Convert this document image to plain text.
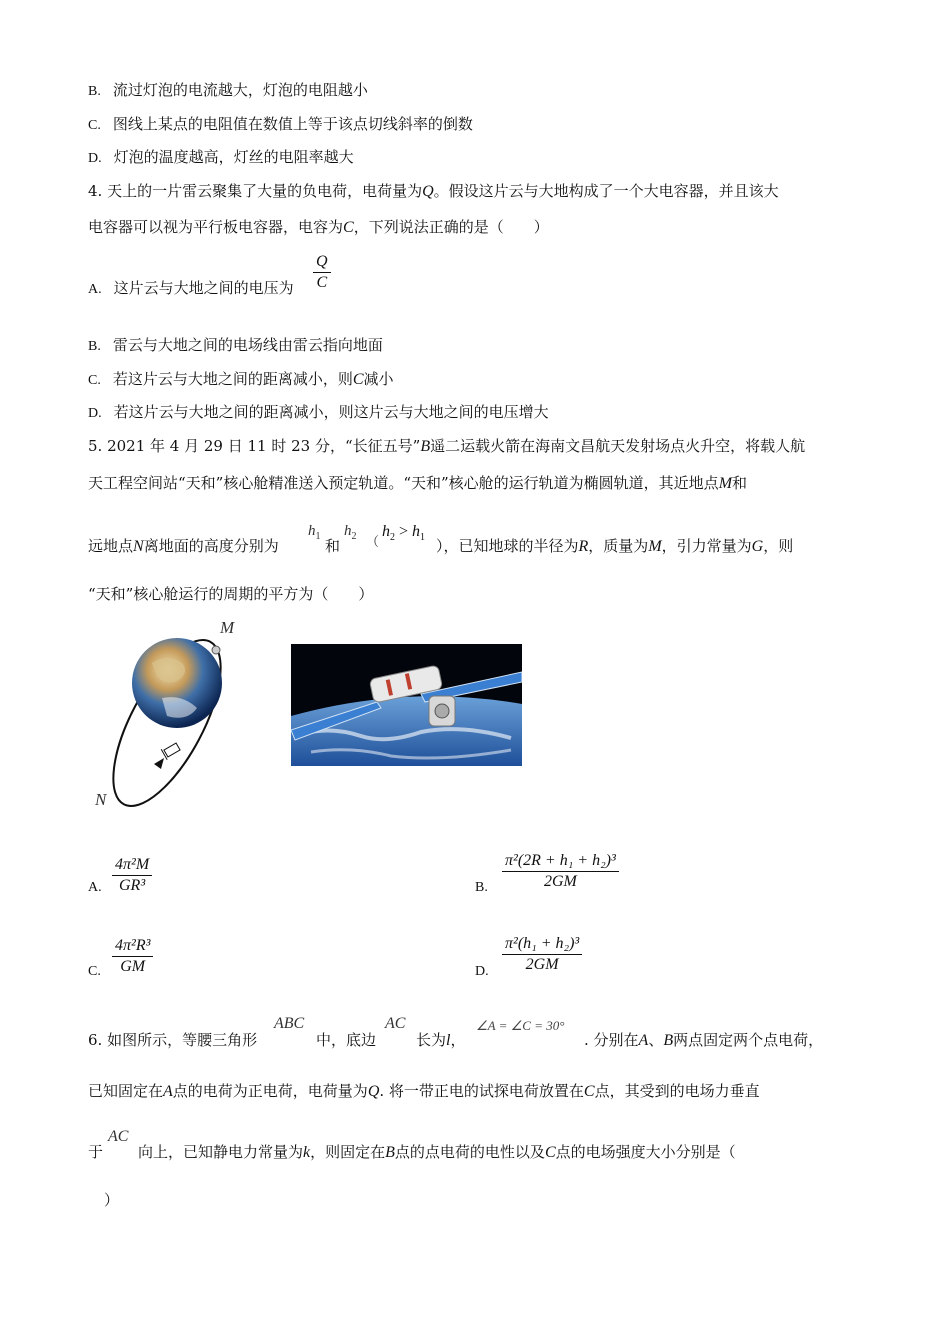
B. 流过灯泡的电流越大，灯泡的电阻越小
C. 图线上某点的电阻值在数值上等于该点切线斜率的倒数
D. 灯泡的温度越高，灯丝的电阻率越大
4. 天上的一片雷云聚集了大量的负电荷，电荷量为Q。假设这片云与大地构成了一个大电容器，并且该大
电容器可以视为平行板电容器，电容为C，下列说法正确的是（　　）
A. 这片云与大地之间的电压为
Q
C
B. 雷云与大地之间的电场线由雷云指向地面
C. 若这片云与大地之间的距离减小，则C减小
D. 若这片云与大地之间的距离减小，则这片云与大地之间的电压增大
5. 2021 年 4 月 29 日 11 时 23 分，“长征五号”B遥二运载火箭在海南文昌航天发射场点火升空，将载人航
天工程空间站“天和”核心舱精准送入预定轨道。“天和”核心舱的运行轨道为椭圆轨道，其近地点M和
远地点N离地面的高度分别为
$h_1$
和
$h_2$ （
$h_2 > h_1$ ），已知地球的半径为R，质量为M，引力常量为G，则
“天和”核心舱运行的周期的平方为（　　）
M
N
A.
4π²M
GR³	B.
π²(2R + h₁ + h₂)³
2GM
C.
4π²R³
GM	D.
π²(h₁ + h₂)³
2GM
6. 如图所示，等腰三角形
ABC
中，底边
AC
长为l，
∠A = ∠C = 30°
. 分别在A、B两点固定两个点电荷，
已知固定在A点的电荷为正电荷，电荷量为Q. 将一带正电的试探电荷放置在C点，其受到的电场力垂直
于
AC
向上，已知静电力常量为k，则固定在B点的点电荷的电性以及C点的电场强度大小分别是（
）
